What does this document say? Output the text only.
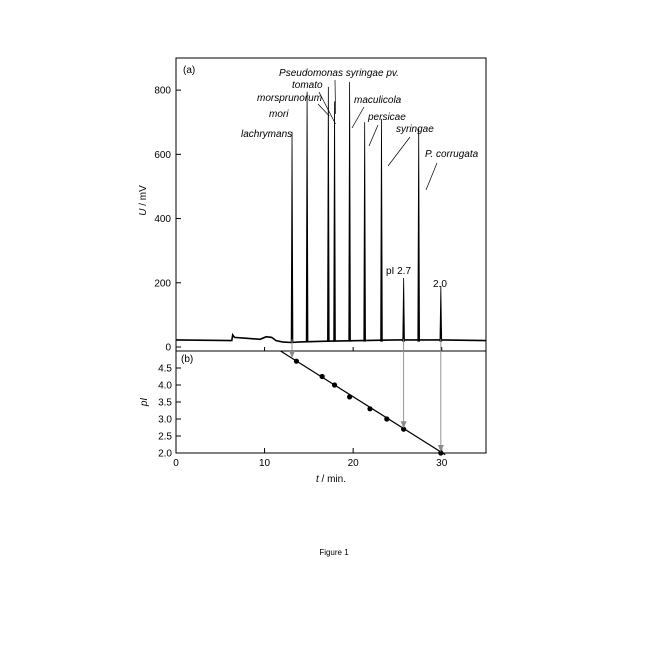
(a)
U / mV
Pseudomonas syringae pv.
pI 2.7
0
200
400
600
800
lachrymans
mori
morsprunorum
tomato
maculicola
persicae
syringae
P. corrugata
2.0
(b)
pI
t / min.
2.0
2.5
3.0
3.5
4.0
4.5
0	10	20	30
Figure 1
